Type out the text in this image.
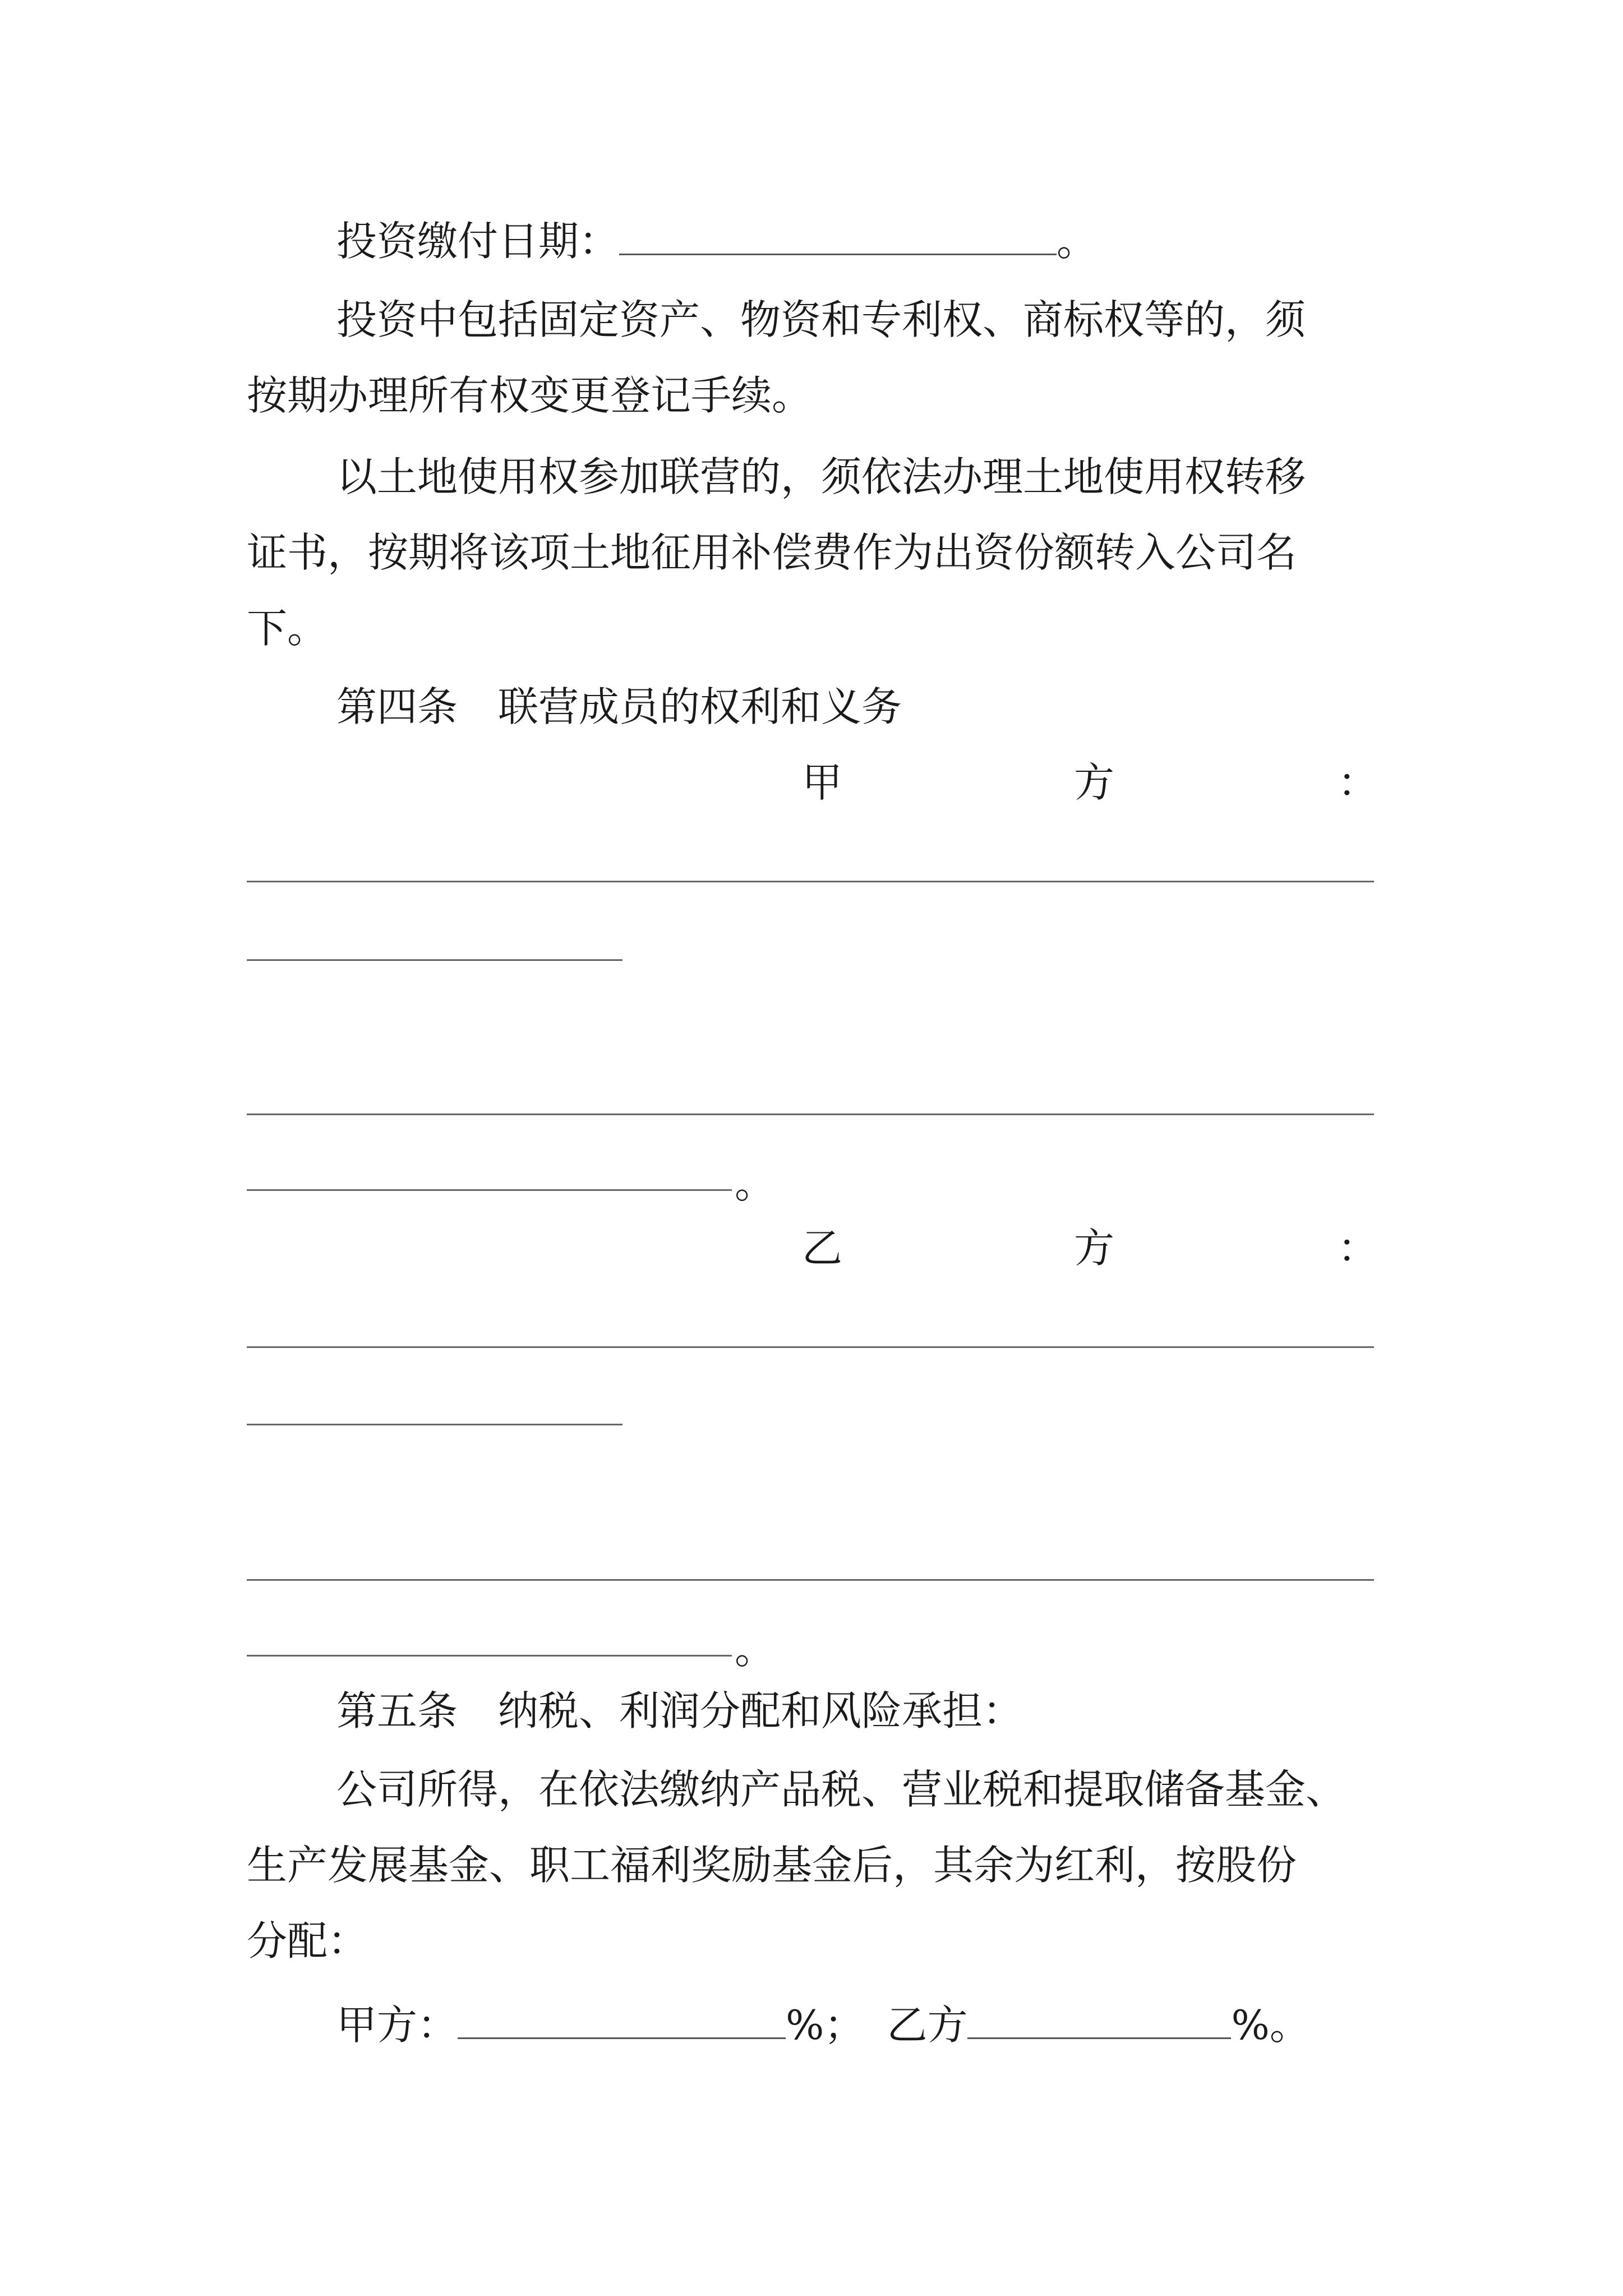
投资缴付日期：	。
投资中包括固定资产、物资和专利权、商标权等的，须
按期办理所有权变更登记手续。
以土地使用权参加联营的，须依法办理土地使用权转移
证书，按期将该项土地征用补偿费作为出资份额转入公司名
下。
第四条　联营成员的权利和义务
甲	方	：
。
乙	方	：
。
第五条　纳税、利润分配和风险承担：
公司所得，在依法缴纳产品税、营业税和提取储备基金、
生产发展基金、职工福利奖励基金后，其余为红利，按股份
分配：
甲方：	%； 乙方	%。
